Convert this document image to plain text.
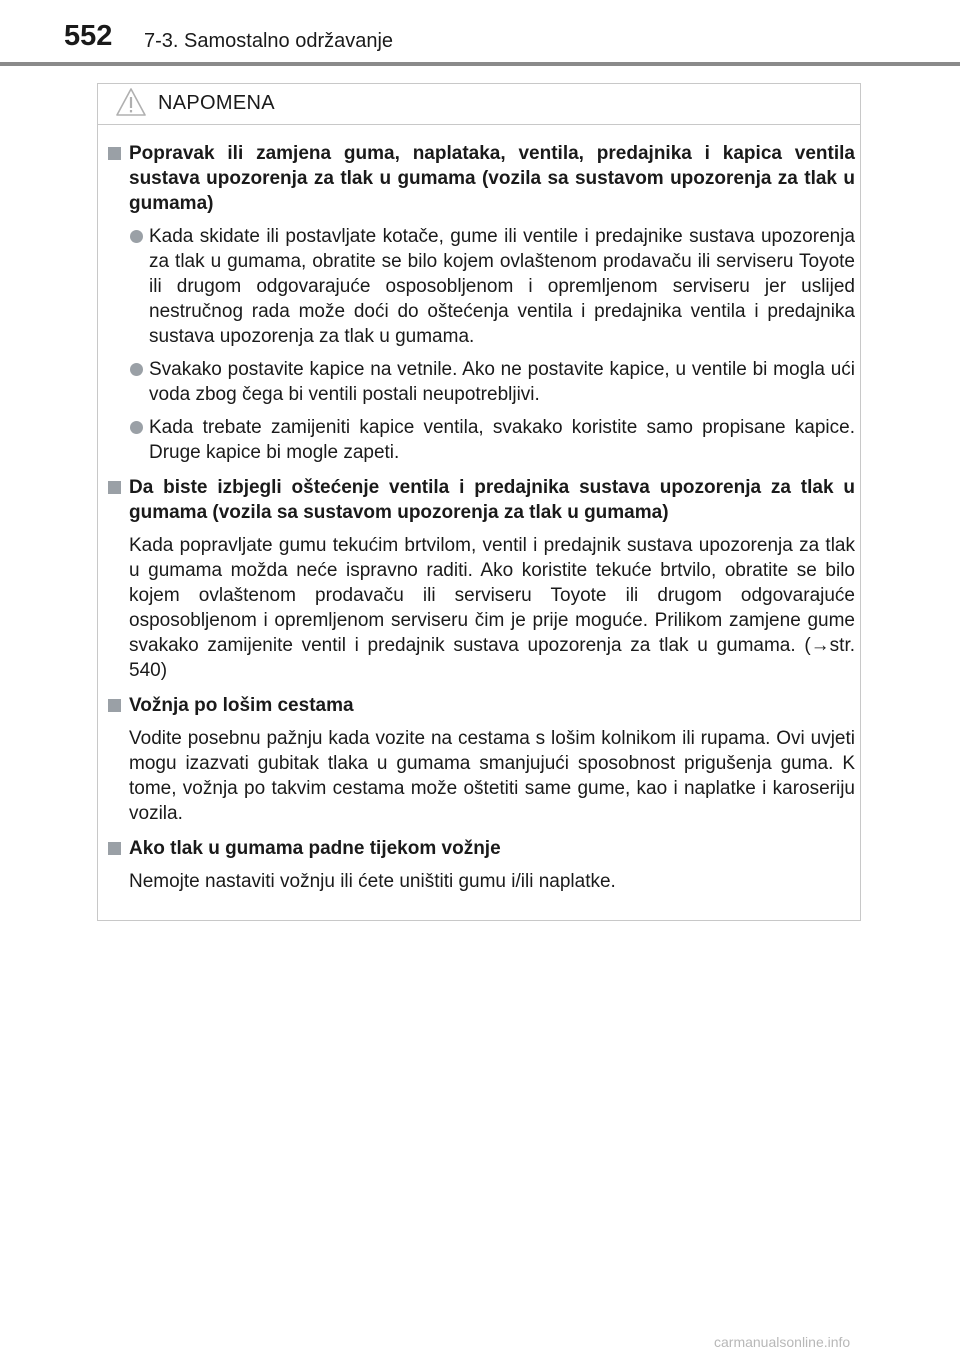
552 7-3. Samostalno održavanje
NAPOMENA
Popravak ili zamjena guma, naplataka, ventila, predajnika i kapica ventila sustava upozorenja za tlak u gumama (vozila sa sustavom upozorenja za tlak u gumama)
Kada skidate ili postavljate kotače, gume ili ventile i predajnike sustava upozorenja za tlak u gumama, obratite se bilo kojem ovlaštenom prodavaču ili serviseru Toyote ili drugom odgovarajuće osposobljenom i opremljenom serviseru jer uslijed nestručnog rada može doći do oštećenja ventila i predajnika ventila i predajnika sustava upozorenja za tlak u gumama.
Svakako postavite kapice na vetnile. Ako ne postavite kapice, u ventile bi mogla ući voda zbog čega bi ventili postali neupotrebljivi.
Kada trebate zamijeniti kapice ventila, svakako koristite samo propisane kapice. Druge kapice bi mogle zapeti.
Da biste izbjegli oštećenje ventila i predajnika sustava upozorenja za tlak u gumama (vozila sa sustavom upozorenja za tlak u gumama)
Kada popravljate gumu tekućim brtvilom, ventil i predajnik sustava upozorenja za tlak u gumama možda neće ispravno raditi. Ako koristite tekuće brtvilo, obratite se bilo kojem ovlaštenom prodavaču ili serviseru Toyote ili drugom odgovarajuće osposobljenom i opremljenom serviseru čim je prije moguće. Prilikom zamjene gume svakako zamijenite ventil i predajnik sustava upozorenja za tlak u gumama. (→str. 540)
Vožnja po lošim cestama
Vodite posebnu pažnju kada vozite na cestama s lošim kolnikom ili rupama. Ovi uvjeti mogu izazvati gubitak tlaka u gumama smanjujući sposobnost prigušenja guma. K tome, vožnja po takvim cestama može oštetiti same gume, kao i naplatke i karoseriju vozila.
Ako tlak u gumama padne tijekom vožnje
Nemojte nastaviti vožnju ili ćete uništiti gumu i/ili naplatke.
carmanualsonline.info
